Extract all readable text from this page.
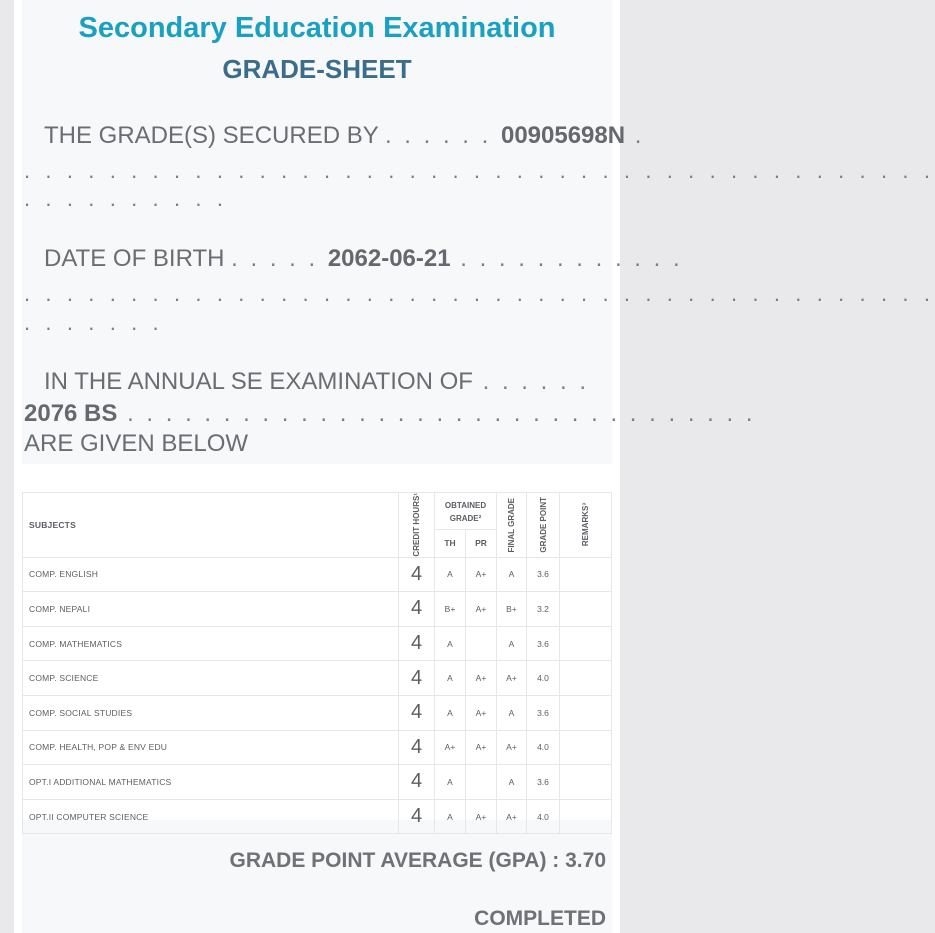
Secondary Education Examination
GRADE-SHEET
THE GRADE(S) SECURED BY . . . . . . 00905698N .
. . . . . . . . . . . . . . . . . . . . . . . . . . . . . . . . . . . . . . . . . . .
. . . . . . . . . .
DATE OF BIRTH . . . . . 2062-06-21 . . . . . . . . . . . .
. . . . . . . . . . . . . . . . . . . . . . . . . . . . . . . . . . . . . . . . . . .
. . . . . . .
IN THE ANNUAL SE EXAMINATION OF . . . . . .
2076 BS . . . . . . . . . . . . . . . . . . . . . . . . . . . . . . . . .
ARE GIVEN BELOW
SUBJECTS	CREDIT HOURS¹	OBTAINED GRADE²		FINAL GRADE	GRADE POINT	REMARKS³

		TH	PR			
COMP. ENGLISH	4	A	A+	A	3.6	
COMP. NEPALI	4	B+	A+	B+	3.2	
COMP. MATHEMATICS	4	A		A	3.6	
COMP. SCIENCE	4	A	A+	A+	4.0	
COMP. SOCIAL STUDIES	4	A	A+	A	3.6	
COMP. HEALTH, POP & ENV EDU	4	A+	A+	A+	4.0	
OPT.I ADDITIONAL MATHEMATICS	4	A		A	3.6	
OPT.II COMPUTER SCIENCE	4	A	A+	A+	4.0	
GRADE POINT AVERAGE (GPA) : 3.70
COMPLETED
